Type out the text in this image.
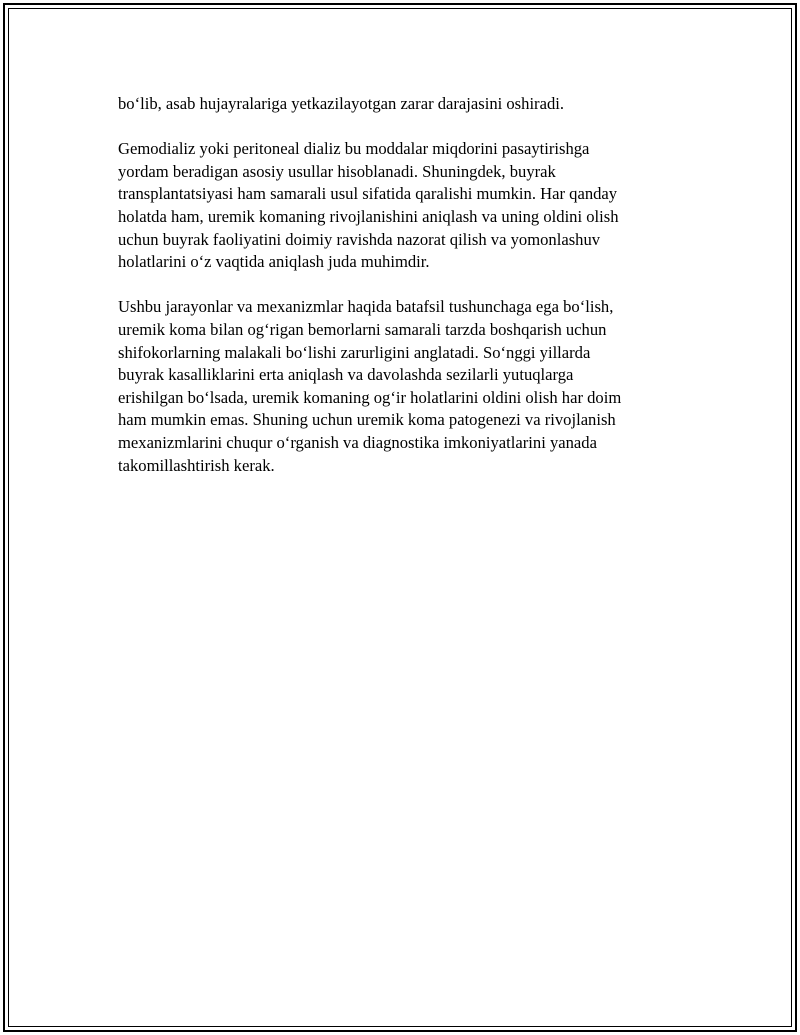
bo‘lib, asab hujayralariga yetkazilayotgan zarar darajasini oshiradi.

Gemodializ yoki peritoneal dializ bu moddalar miqdorini pasaytirishga
yordam beradigan asosiy usullar hisoblanadi. Shuningdek, buyrak
transplantatsiyasi ham samarali usul sifatida qaralishi mumkin. Har qanday
holatda ham, uremik komaning rivojlanishini aniqlash va uning oldini olish
uchun buyrak faoliyatini doimiy ravishda nazorat qilish va yomonlashuv
holatlarini o‘z vaqtida aniqlash juda muhimdir.

Ushbu jarayonlar va mexanizmlar haqida batafsil tushunchaga ega bo‘lish,
uremik koma bilan og‘rigan bemorlarni samarali tarzda boshqarish uchun
shifokorlarning malakali bo‘lishi zarurligini anglatadi. So‘nggi yillarda
buyrak kasalliklarini erta aniqlash va davolashda sezilarli yutuqlarga
erishilgan bo‘lsada, uremik komaning og‘ir holatlarini oldini olish har doim
ham mumkin emas. Shuning uchun uremik koma patogenezi va rivojlanish
mexanizmlarini chuqur o‘rganish va diagnostika imkoniyatlarini yanada
takomillashtirish kerak.
